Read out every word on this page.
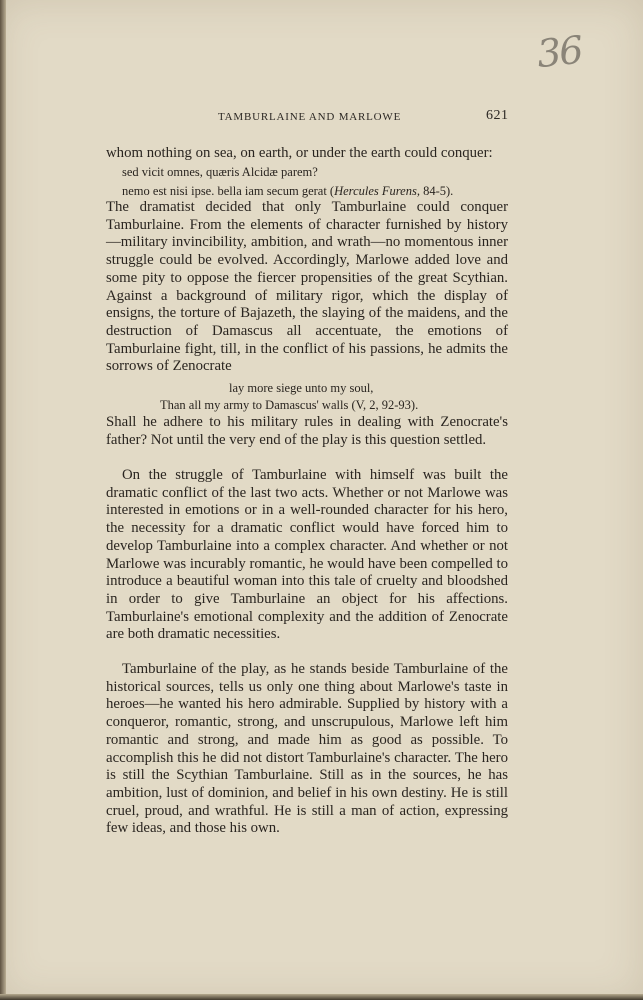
36
TAMBURLAINE AND MARLOWE	621
whom nothing on sea, on earth, or under the earth could conquer:
sed vicit omnes, quæris Alcidæ parem?
nemo est nisi ipse. bella iam secum gerat (Hercules Furens, 84-5).
The dramatist decided that only Tamburlaine could conquer Tamburlaine. From the elements of character furnished by history—military invincibility, ambition, and wrath—no momentous inner struggle could be evolved. Accordingly, Marlowe added love and some pity to oppose the fiercer propensities of the great Scythian. Against a background of military rigor, which the display of ensigns, the torture of Bajazeth, the slaying of the maidens, and the destruction of Damascus all accentuate, the emotions of Tamburlaine fight, till, in the conflict of his passions, he admits the sorrows of Zenocrate
lay more siege unto my soul,
Than all my army to Damascus' walls (V, 2, 92-93).
Shall he adhere to his military rules in dealing with Zenocrate's father? Not until the very end of the play is this question settled.
On the struggle of Tamburlaine with himself was built the dramatic conflict of the last two acts. Whether or not Marlowe was interested in emotions or in a well-rounded character for his hero, the necessity for a dramatic conflict would have forced him to develop Tamburlaine into a complex character. And whether or not Marlowe was incurably romantic, he would have been compelled to introduce a beautiful woman into this tale of cruelty and bloodshed in order to give Tamburlaine an object for his affections. Tamburlaine's emotional complexity and the addition of Zenocrate are both dramatic necessities.
Tamburlaine of the play, as he stands beside Tamburlaine of the historical sources, tells us only one thing about Marlowe's taste in heroes—he wanted his hero admirable. Supplied by history with a conqueror, romantic, strong, and unscrupulous, Marlowe left him romantic and strong, and made him as good as possible. To accomplish this he did not distort Tamburlaine's character. The hero is still the Scythian Tamburlaine. Still as in the sources, he has ambition, lust of dominion, and belief in his own destiny. He is still cruel, proud, and wrathful. He is still a man of action, expressing few ideas, and those his own.
